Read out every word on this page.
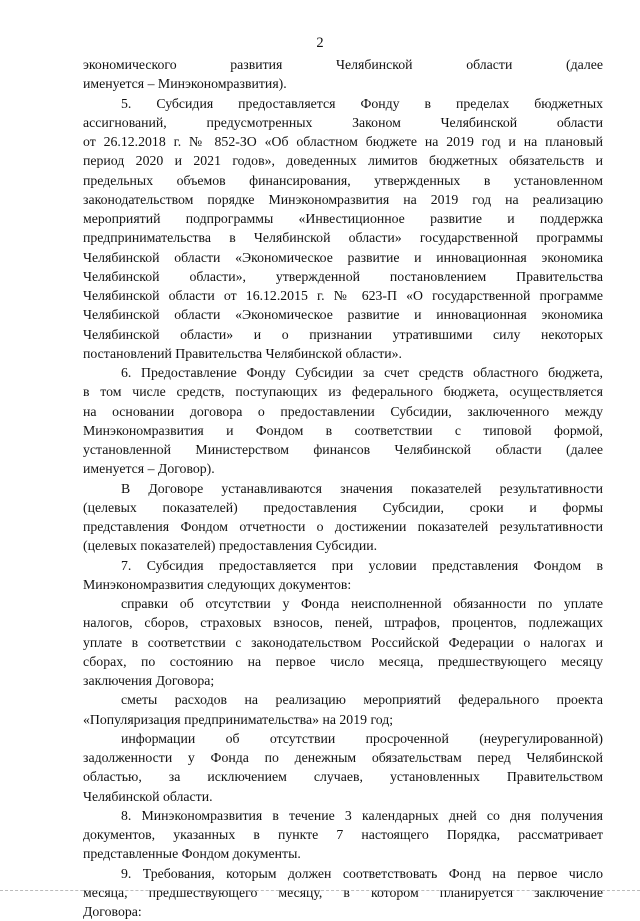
2
экономического развития Челябинской области (далее
именуется – Минэкономразвития).
5. Субсидия предоставляется Фонду в пределах бюджетных
ассигнований, предусмотренных Законом Челябинской области
от 26.12.2018 г. № 852-ЗО «Об областном бюджете на 2019 год и на плановый
период 2020 и 2021 годов», доведенных лимитов бюджетных обязательств и
предельных объемов финансирования, утвержденных в установленном
законодательством порядке Минэкономразвития на 2019 год на реализацию
мероприятий подпрограммы «Инвестиционное развитие и поддержка
предпринимательства в Челябинской области» государственной программы
Челябинской области «Экономическое развитие и инновационная экономика
Челябинской области», утвержденной постановлением Правительства
Челябинской области от 16.12.2015 г. № 623-П «О государственной программе
Челябинской области «Экономическое развитие и инновационная экономика
Челябинской области» и о признании утратившими силу некоторых
постановлений Правительства Челябинской области».
6. Предоставление Фонду Субсидии за счет средств областного бюджета,
в том числе средств, поступающих из федерального бюджета, осуществляется
на основании договора о предоставлении Субсидии, заключенного между
Минэкономразвития и Фондом в соответствии с типовой формой,
установленной Министерством финансов Челябинской области (далее
именуется – Договор).
В Договоре устанавливаются значения показателей результативности
(целевых показателей) предоставления Субсидии, сроки и формы
представления Фондом отчетности о достижении показателей результативности
(целевых показателей) предоставления Субсидии.
7. Субсидия предоставляется при условии представления Фондом в
Минэкономразвития следующих документов:
справки об отсутствии у Фонда неисполненной обязанности по уплате
налогов, сборов, страховых взносов, пеней, штрафов, процентов, подлежащих
уплате в соответствии с законодательством Российской Федерации о налогах и
сборах, по состоянию на первое число месяца, предшествующего месяцу
заключения Договора;
сметы расходов на реализацию мероприятий федерального проекта
«Популяризация предпринимательства» на 2019 год;
информации об отсутствии просроченной (неурегулированной)
задолженности у Фонда по денежным обязательствам перед Челябинской
областью, за исключением случаев, установленных Правительством
Челябинской области.
8. Минэкономразвития в течение 3 календарных дней со дня получения
документов, указанных в пункте 7 настоящего Порядка, рассматривает
представленные Фондом документы.
9. Требования, которым должен соответствовать Фонд на первое число
месяца, предшествующего месяцу, в котором планируется заключение
Договора:
